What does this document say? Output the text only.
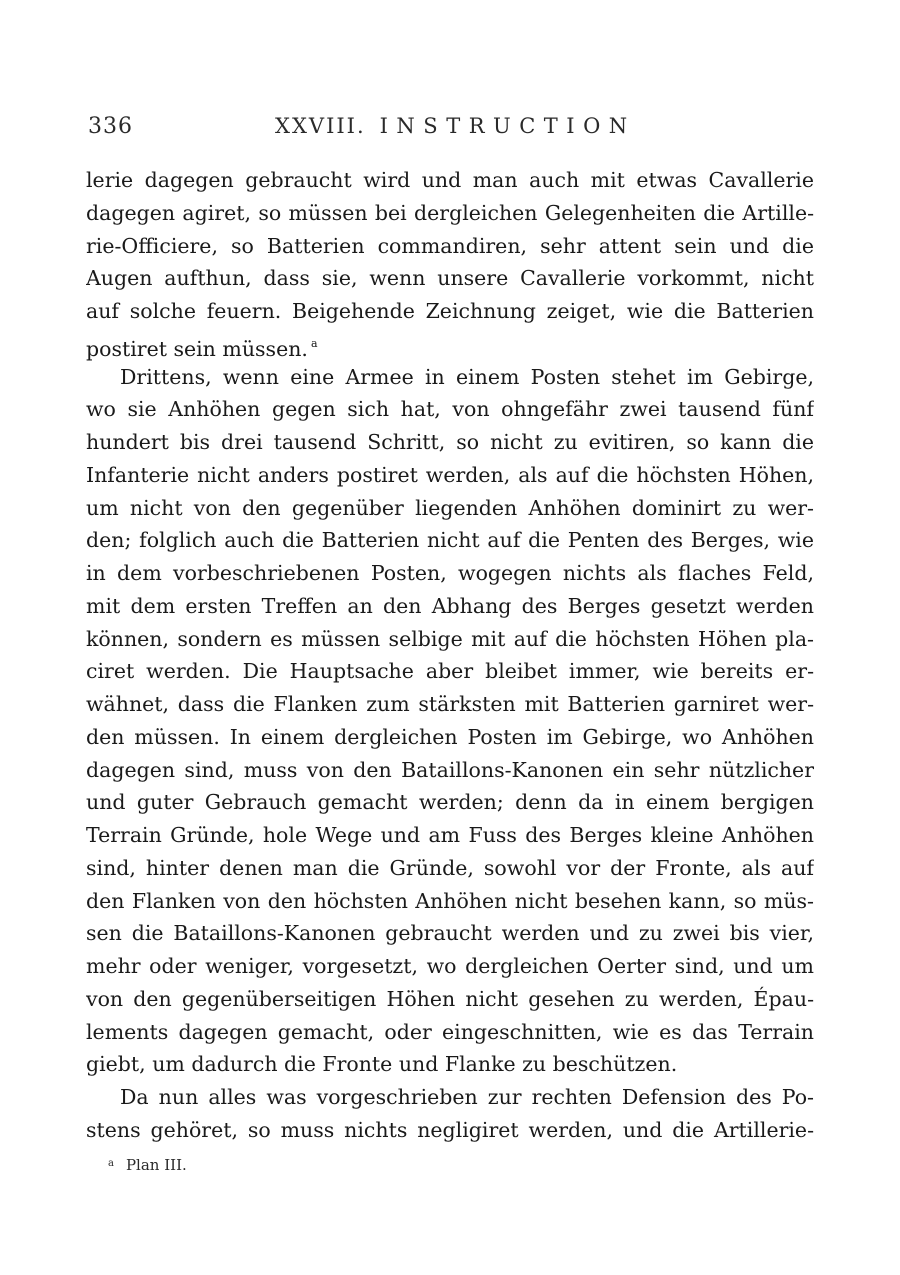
336	XXVIII. INSTRUCTION
lerie dagegen gebraucht wird und man auch mit etwas Cavallerie
dagegen agiret, so müssen bei dergleichen Gelegenheiten die Artille-
rie-Officiere, so Batterien commandiren, sehr attent sein und die
Augen aufthun, dass sie, wenn unsere Cavallerie vorkommt, nicht
auf solche feuern. Beigehende Zeichnung zeiget, wie die Batterien
postiret sein müssen. $^a$
Drittens, wenn eine Armee in einem Posten stehet im Gebirge,
wo sie Anhöhen gegen sich hat, von ohngefähr zwei tausend fünf
hundert bis drei tausend Schritt, so nicht zu evitiren, so kann die
Infanterie nicht anders postiret werden, als auf die höchsten Höhen,
um nicht von den gegenüber liegenden Anhöhen dominirt zu wer-
den; folglich auch die Batterien nicht auf die Penten des Berges, wie
in dem vorbeschriebenen Posten, wogegen nichts als flaches Feld,
mit dem ersten Treffen an den Abhang des Berges gesetzt werden
können, sondern es müssen selbige mit auf die höchsten Höhen pla-
ciret werden. Die Hauptsache aber bleibet immer, wie bereits er-
wähnet, dass die Flanken zum stärksten mit Batterien garniret wer-
den müssen. In einem dergleichen Posten im Gebirge, wo Anhöhen
dagegen sind, muss von den Bataillons-Kanonen ein sehr nützlicher
und guter Gebrauch gemacht werden; denn da in einem bergigen
Terrain Gründe, hole Wege und am Fuss des Berges kleine Anhöhen
sind, hinter denen man die Gründe, sowohl vor der Fronte, als auf
den Flanken von den höchsten Anhöhen nicht besehen kann, so müs-
sen die Bataillons-Kanonen gebraucht werden und zu zwei bis vier,
mehr oder weniger, vorgesetzt, wo dergleichen Oerter sind, und um
von den gegenüberseitigen Höhen nicht gesehen zu werden, Épau-
lements dagegen gemacht, oder eingeschnitten, wie es das Terrain
giebt, um dadurch die Fronte und Flanke zu beschützen.
Da nun alles was vorgeschrieben zur rechten Defension des Po-
stens gehöret, so muss nichts negligiret werden, und die Artillerie-
$^a$ Plan III.
